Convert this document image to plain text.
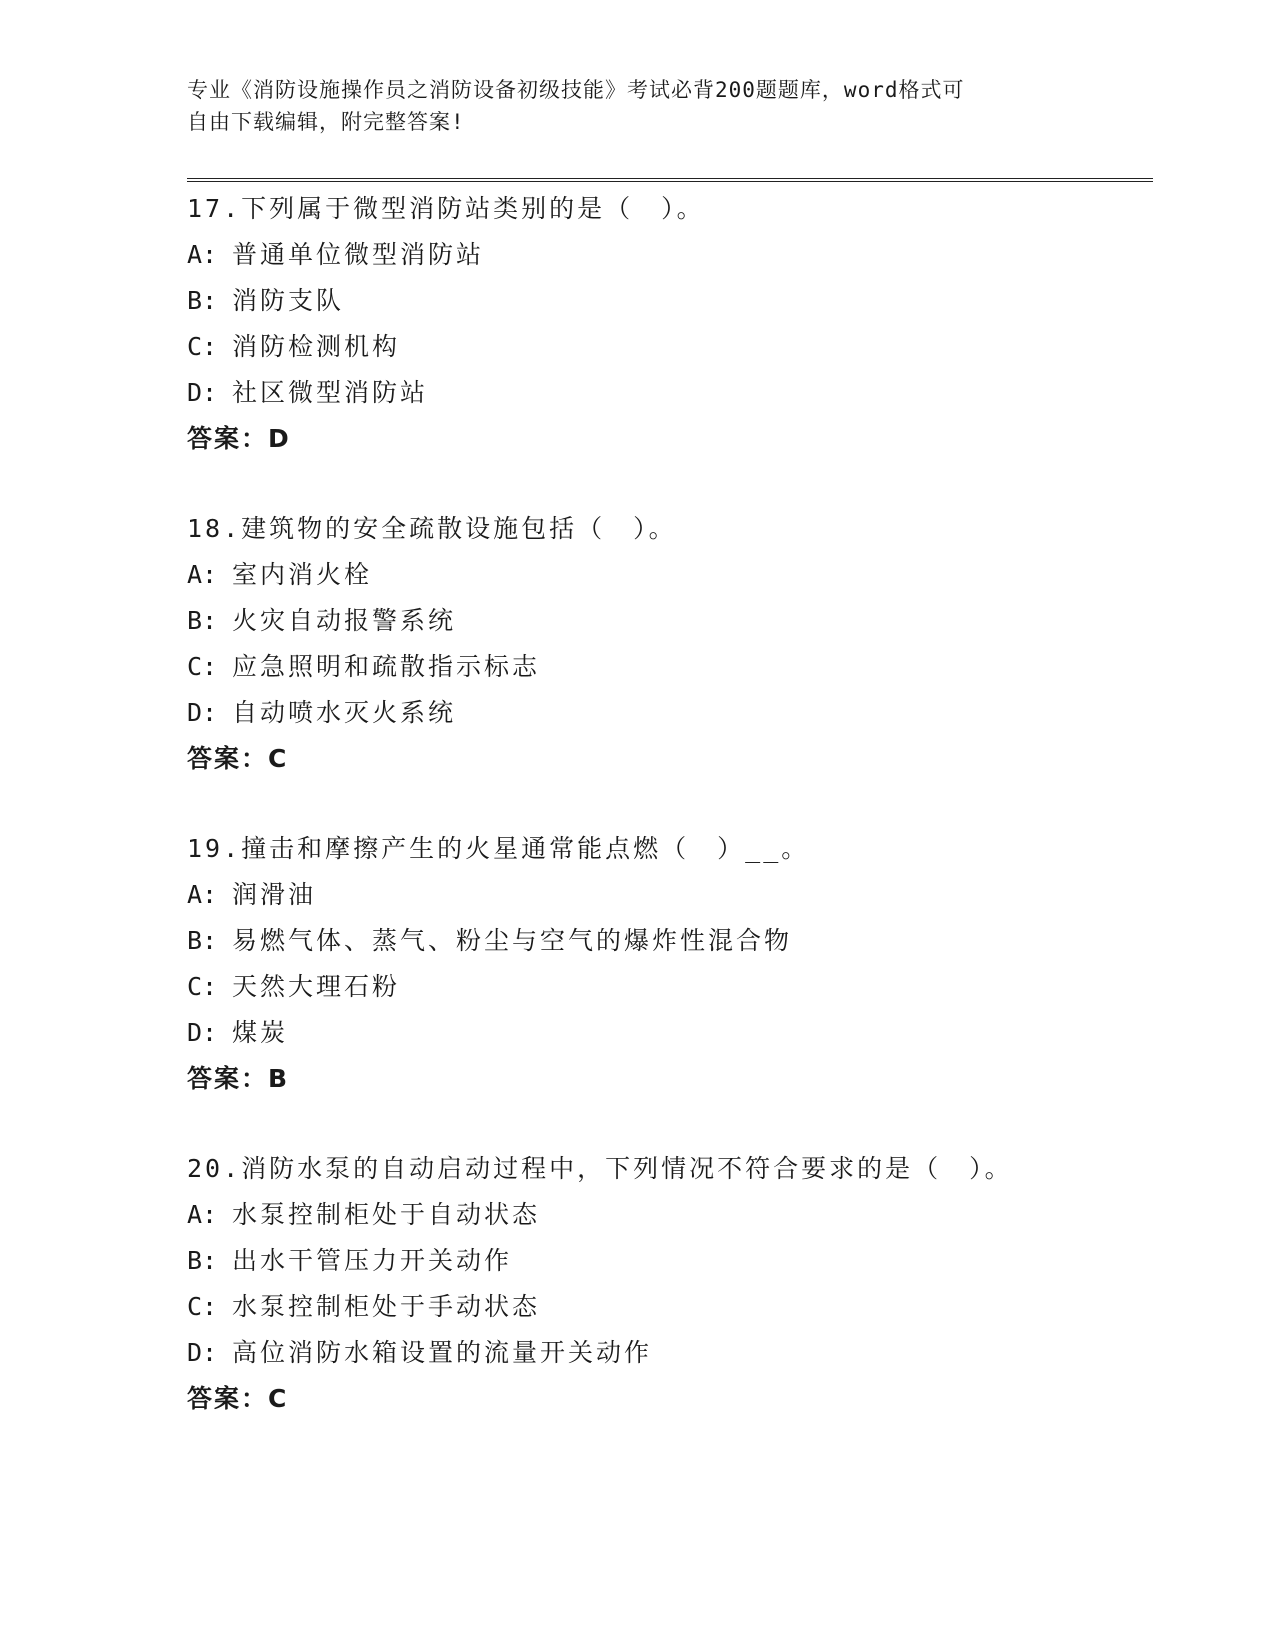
专业《消防设施操作员之消防设备初级技能》考试必背200题题库，word格式可

自由下载编辑，附完整答案!

17.下列属于微型消防站类别的是（　）。
A: 普通单位微型消防站
B: 消防支队
C: 消防检测机构
D: 社区微型消防站
答案：D
18.建筑物的安全疏散设施包括（　）。
A: 室内消火栓
B: 火灾自动报警系统
C: 应急照明和疏散指示标志
D: 自动喷水灭火系统
答案：C
19.撞击和摩擦产生的火星通常能点燃（　）__。
A: 润滑油
B: 易燃气体、蒸气、粉尘与空气的爆炸性混合物
C: 天然大理石粉
D: 煤炭
答案：B
20.消防水泵的自动启动过程中，下列情况不符合要求的是（　）。
A: 水泵控制柜处于自动状态
B: 出水干管压力开关动作
C: 水泵控制柜处于手动状态
D: 高位消防水箱设置的流量开关动作
答案：C
